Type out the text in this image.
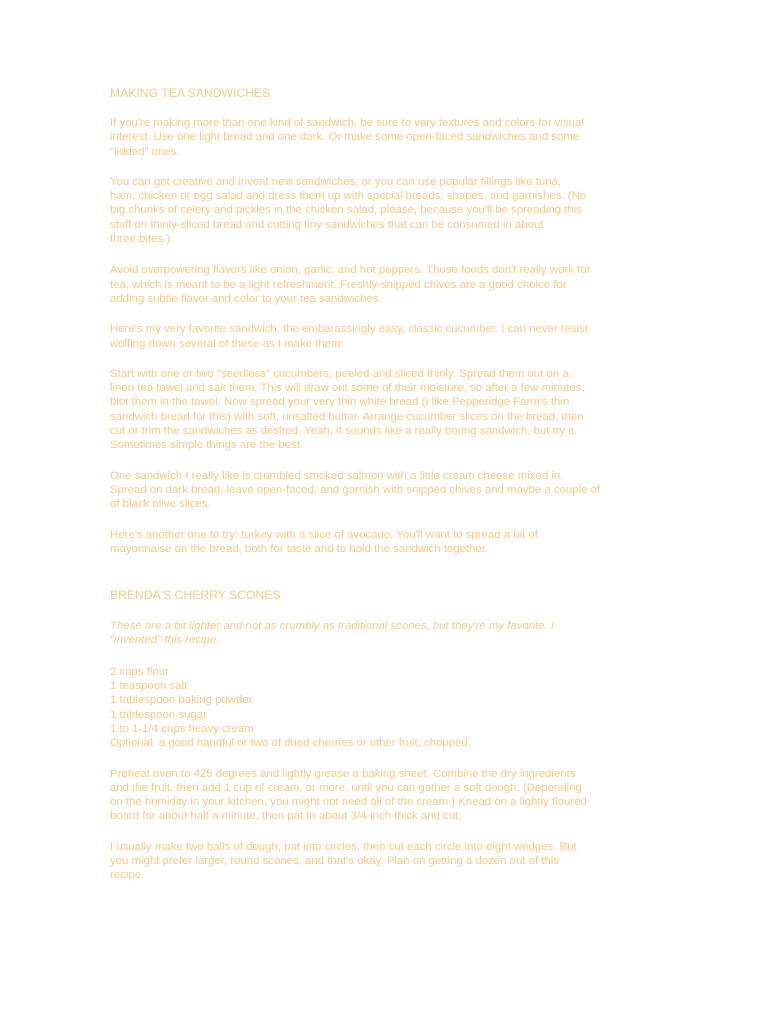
MAKING TEA SANDWICHES

If you're making more than one kind of sandwich, be sure to vary textures and colors for visual
interest. Use one light bread and one dark. Or make some open-faced sandwiches and some
"lidded" ones.

You can get creative and invent new sandwiches, or you can use popular fillings like tuna,
ham, chicken or egg salad and dress them up with special breads, shapes, and garnishes. (No
big chunks of celery and pickles in the chicken salad, please, because you'll be spreading this
stuff on thinly-sliced bread and cutting tiny sandwiches that can be consumed in about
three bites.)

Avoid overpowering flavors like onion, garlic, and hot peppers. Those foods don't really work for
tea, which is meant to be a light refreshment. Freshly-snipped chives are a good choice for
adding subtle flavor and color to your tea sandwiches.

Here's my very favorite sandwich, the embarassingly easy, classic cucumber. I can never resist
wolfing down several of these as I make them:

Start with one or two "seedless" cucumbers, peeled and sliced thinly. Spread them out on a
linen tea towel and salt them. This will draw out some of their moisture, so after a few minutes,
blot them in the towel. Now spread your very thin white bread (I like Pepperidge Farm's thin
sandwich bread for this) with soft, unsalted butter. Arrange cucumber slices on the bread, then
cut or trim the sandwiches as desired. Yeah, it sounds like a really boring sandwich, but try it.
Sometimes simple things are the best.

One sandwich I really like is crumbled smoked salmon with a little cream cheese mixed in.
Spread on dark bread, leave open-faced, and garnish with snipped chives and maybe a couple of
of black olive slices.

Here's another one to try: turkey with a slice of avocado. You'll want to spread a bit of
mayonnaise on the bread, both for taste and to hold the sandwich together.

BRENDA'S CHERRY SCONES

These are a bit lighter and not as crumbly as traditional scones, but they're my favorite. I
"invented" this recipe.

2 cups flour
1 teaspoon salt
1 tablespoon baking powder
1 tablespoon sugar
1 to 1-1/4 cups heavy cream
Optional: a good handful or two of dried cherries or other fruit, chopped.

Preheat oven to 425 degrees and lightly grease a baking sheet. Combine the dry ingredients
and the fruit, then add 1 cup of cream, or more, until you can gather a soft dough. (Depending
on the humidity in your kitchen, you might not need all of the cream.) Knead on a lightly floured
board for about half a minute, then pat to about 3/4-inch thick and cut.

I usually make two balls of dough, pat into circles, then cut each circle into eight wedges. But
you might prefer larger, round scones, and that's okay. Plan on getting a dozen out of this
recipe.
